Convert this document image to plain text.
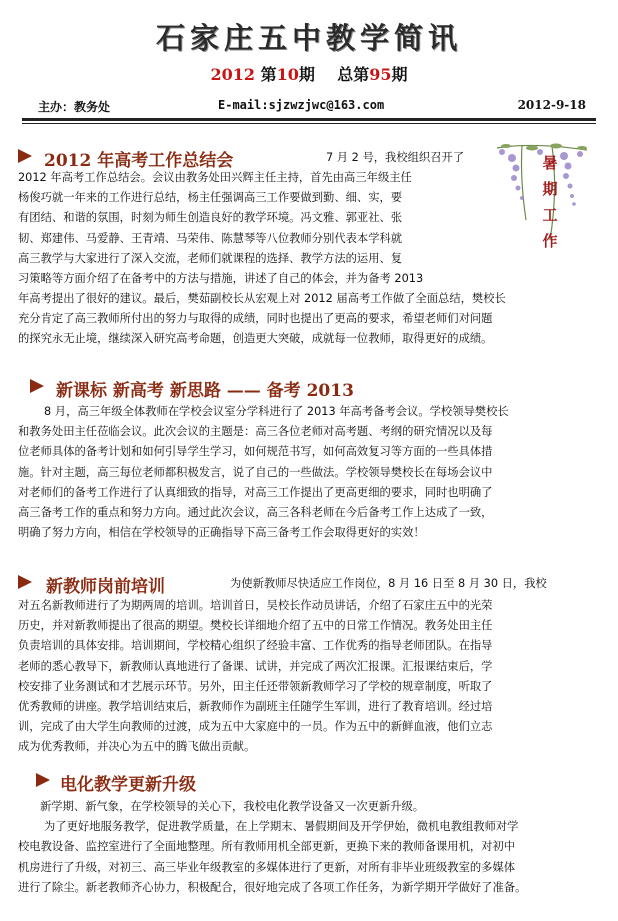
石家庄五中教学简讯
2012 第10期 总第95期
主办：教务处	E-mail:sjzwzjwc@163.com	2012-9-18
暑
期
工
作
2012 年高考工作总结会	7 月 2 号，我校组织召开了
2012 年高考工作总结会。会议由教务处田兴辉主任主持，首先由高三年级主任
杨俊巧就一年来的工作进行总结，杨主任强调高三工作要做到勤、细、实，要
有团结、和谐的氛围，时刻为师生创造良好的教学环境。冯文雅、郭亚社、张
韧、郑建伟、马爱静、王青靖、马荣伟、陈慧琴等八位教师分别代表本学科就
高三教学与大家进行了深入交流，老师们就课程的选择、教学方法的运用、复
习策略等方面介绍了在备考中的方法与措施，讲述了自己的体会，并为备考 2013
年高考提出了很好的建议。最后，樊茹副校长从宏观上对 2012 届高考工作做了全面总结，樊校长
充分肯定了高三教师所付出的努力与取得的成绩，同时也提出了更高的要求，希望老师们对问题
的探究永无止境，继续深入研究高考命题，创造更大突破，成就每一位教师，取得更好的成绩。
新课标 新高考 新思路 —— 备考 2013
8 月，高三年级全体教师在学校会议室分学科进行了 2013 年高考备考会议。学校领导樊校长
和教务处田主任莅临会议。此次会议的主题是：高三各位老师对高考题、考纲的研究情况以及每
位老师具体的备考计划和如何引导学生学习，如何规范书写，如何高效复习等方面的一些具体措
施。针对主题，高三每位老师都积极发言，说了自己的一些做法。学校领导樊校长在每场会议中
对老师们的备考工作进行了认真细致的指导，对高三工作提出了更高更细的要求，同时也明确了
高三备考工作的重点和努力方向。通过此次会议，高三各科老师在今后备考工作上达成了一致，
明确了努力方向，相信在学校领导的正确指导下高三备考工作会取得更好的实效！
新教师岗前培训	为使新教师尽快适应工作岗位，8 月 16 日至 8 月 30 日，我校
对五名新教师进行了为期两周的培训。培训首日，吴校长作动员讲话，介绍了石家庄五中的光荣
历史，并对新教师提出了很高的期望。樊校长详细地介绍了五中的日常工作情况。教务处田主任
负责培训的具体安排。培训期间，学校精心组织了经验丰富、工作优秀的指导老师团队。在指导
老师的悉心教导下，新教师认真地进行了备课、试讲，并完成了两次汇报课。汇报课结束后，学
校安排了业务测试和才艺展示环节。另外，田主任还带领新教师学习了学校的规章制度，听取了
优秀教师的讲座。教学培训结束后，新教师作为副班主任随学生军训，进行了教育培训。经过培
训，完成了由大学生向教师的过渡，成为五中大家庭中的一员。作为五中的新鲜血液，他们立志
成为优秀教师，并决心为五中的腾飞做出贡献。
电化教学更新升级
新学期、新气象，在学校领导的关心下，我校电化教学设备又一次更新升级。
为了更好地服务教学，促进教学质量，在上学期末、暑假期间及开学伊始，微机电教组教师对学
校电教设备、监控室进行了全面地整理。所有教师用机全部更新，更换下来的教师备课用机，对初中
机房进行了升级，对初三、高三毕业年级教室的多媒体进行了更新，对所有非毕业班级教室的多媒体
进行了除尘。新老教师齐心协力，积极配合，很好地完成了各项工作任务，为新学期开学做好了准备。
